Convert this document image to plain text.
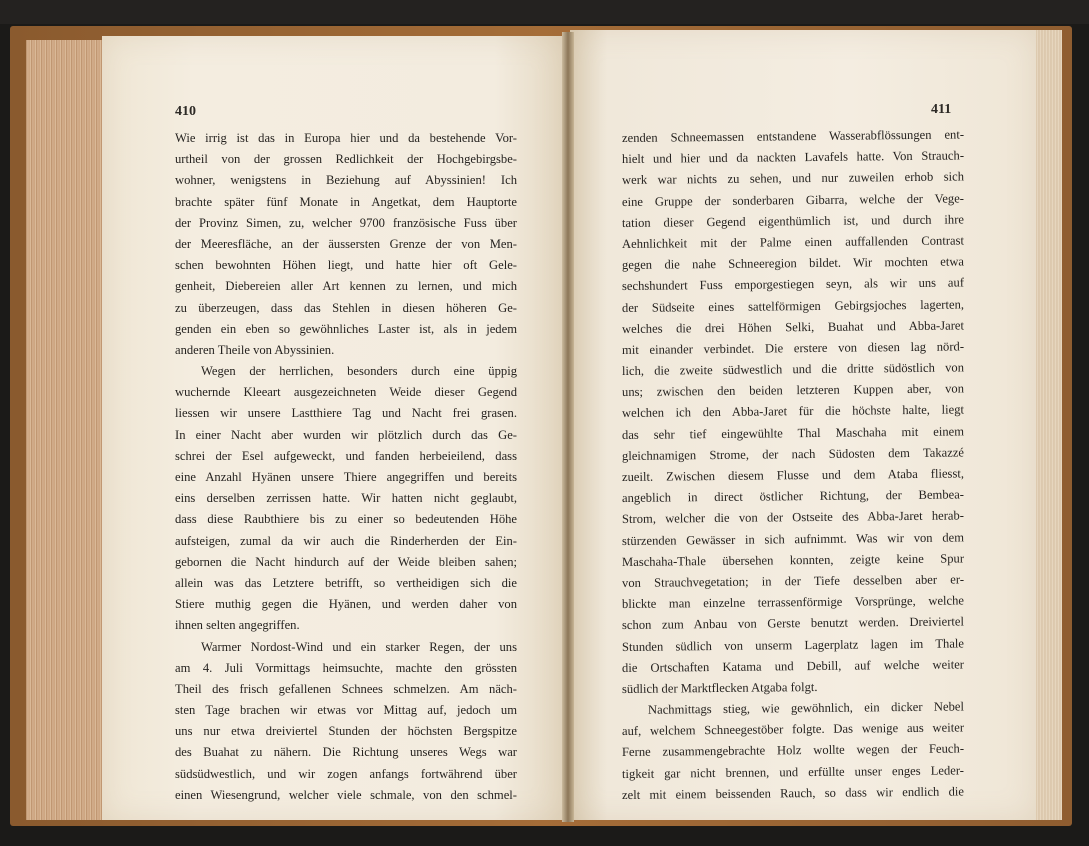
410	411
Wie irrig ist das in Europa hier und da bestehende Vor-
urtheil von der grossen Redlichkeit der Hochgebirgsbe-
wohner, wenigstens in Beziehung auf Abyssinien! Ich
brachte später fünf Monate in Angetkat, dem Hauptorte
der Provinz Simen, zu, welcher 9700 französische Fuss über
der Meeresfläche, an der äussersten Grenze der von Men-
schen bewohnten Höhen liegt, und hatte hier oft Gele-
genheit, Diebereien aller Art kennen zu lernen, und mich
zu überzeugen, dass das Stehlen in diesen höheren Ge-
genden ein eben so gewöhnliches Laster ist, als in jedem
anderen Theile von Abyssinien.
Wegen der herrlichen, besonders durch eine üppig
wuchernde Kleeart ausgezeichneten Weide dieser Gegend
liessen wir unsere Lastthiere Tag und Nacht frei grasen.
In einer Nacht aber wurden wir plötzlich durch das Ge-
schrei der Esel aufgeweckt, und fanden herbeieilend, dass
eine Anzahl Hyänen unsere Thiere angegriffen und bereits
eins derselben zerrissen hatte. Wir hatten nicht geglaubt,
dass diese Raubthiere bis zu einer so bedeutenden Höhe
aufsteigen, zumal da wir auch die Rinderherden der Ein-
gebornen die Nacht hindurch auf der Weide bleiben sahen;
allein was das Letztere betrifft, so vertheidigen sich die
Stiere muthig gegen die Hyänen, und werden daher von
ihnen selten angegriffen.
Warmer Nordost-Wind und ein starker Regen, der uns
am 4. Juli Vormittags heimsuchte, machte den grössten
Theil des frisch gefallenen Schnees schmelzen. Am näch-
sten Tage brachen wir etwas vor Mittag auf, jedoch um
uns nur etwa dreiviertel Stunden der höchsten Bergspitze
des Buahat zu nähern. Die Richtung unseres Wegs war
südsüdwestlich, und wir zogen anfangs fortwährend über
einen Wiesengrund, welcher viele schmale, von den schmel-
zenden Schneemassen entstandene Wasserabflössungen ent-
hielt und hier und da nackten Lavafels hatte. Von Strauch-
werk war nichts zu sehen, und nur zuweilen erhob sich
eine Gruppe der sonderbaren Gibarra, welche der Vege-
tation dieser Gegend eigenthümlich ist, und durch ihre
Aehnlichkeit mit der Palme einen auffallenden Contrast
gegen die nahe Schneeregion bildet. Wir mochten etwa
sechshundert Fuss emporgestiegen seyn, als wir uns auf
der Südseite eines sattelförmigen Gebirgsjoches lagerten,
welches die drei Höhen Selki, Buahat und Abba-Jaret
mit einander verbindet. Die erstere von diesen lag nörd-
lich, die zweite südwestlich und die dritte südöstlich von
uns; zwischen den beiden letzteren Kuppen aber, von
welchen ich den Abba-Jaret für die höchste halte, liegt
das sehr tief eingewühlte Thal Maschaha mit einem
gleichnamigen Strome, der nach Südosten dem Takazzé
zueilt. Zwischen diesem Flusse und dem Ataba fliesst,
angeblich in direct östlicher Richtung, der Bembea-
Strom, welcher die von der Ostseite des Abba-Jaret herab-
stürzenden Gewässer in sich aufnimmt. Was wir von dem
Maschaha-Thale übersehen konnten, zeigte keine Spur
von Strauchvegetation; in der Tiefe desselben aber er-
blickte man einzelne terrassenförmige Vorsprünge, welche
schon zum Anbau von Gerste benutzt werden. Dreiviertel
Stunden südlich von unserm Lagerplatz lagen im Thale
die Ortschaften Katama und Debill, auf welche weiter
südlich der Marktflecken Atgaba folgt.
Nachmittags stieg, wie gewöhnlich, ein dicker Nebel
auf, welchem Schneegestöber folgte. Das wenige aus weiter
Ferne zusammengebrachte Holz wollte wegen der Feuch-
tigkeit gar nicht brennen, und erfüllte unser enges Leder-
zelt mit einem beissenden Rauch, so dass wir endlich die
